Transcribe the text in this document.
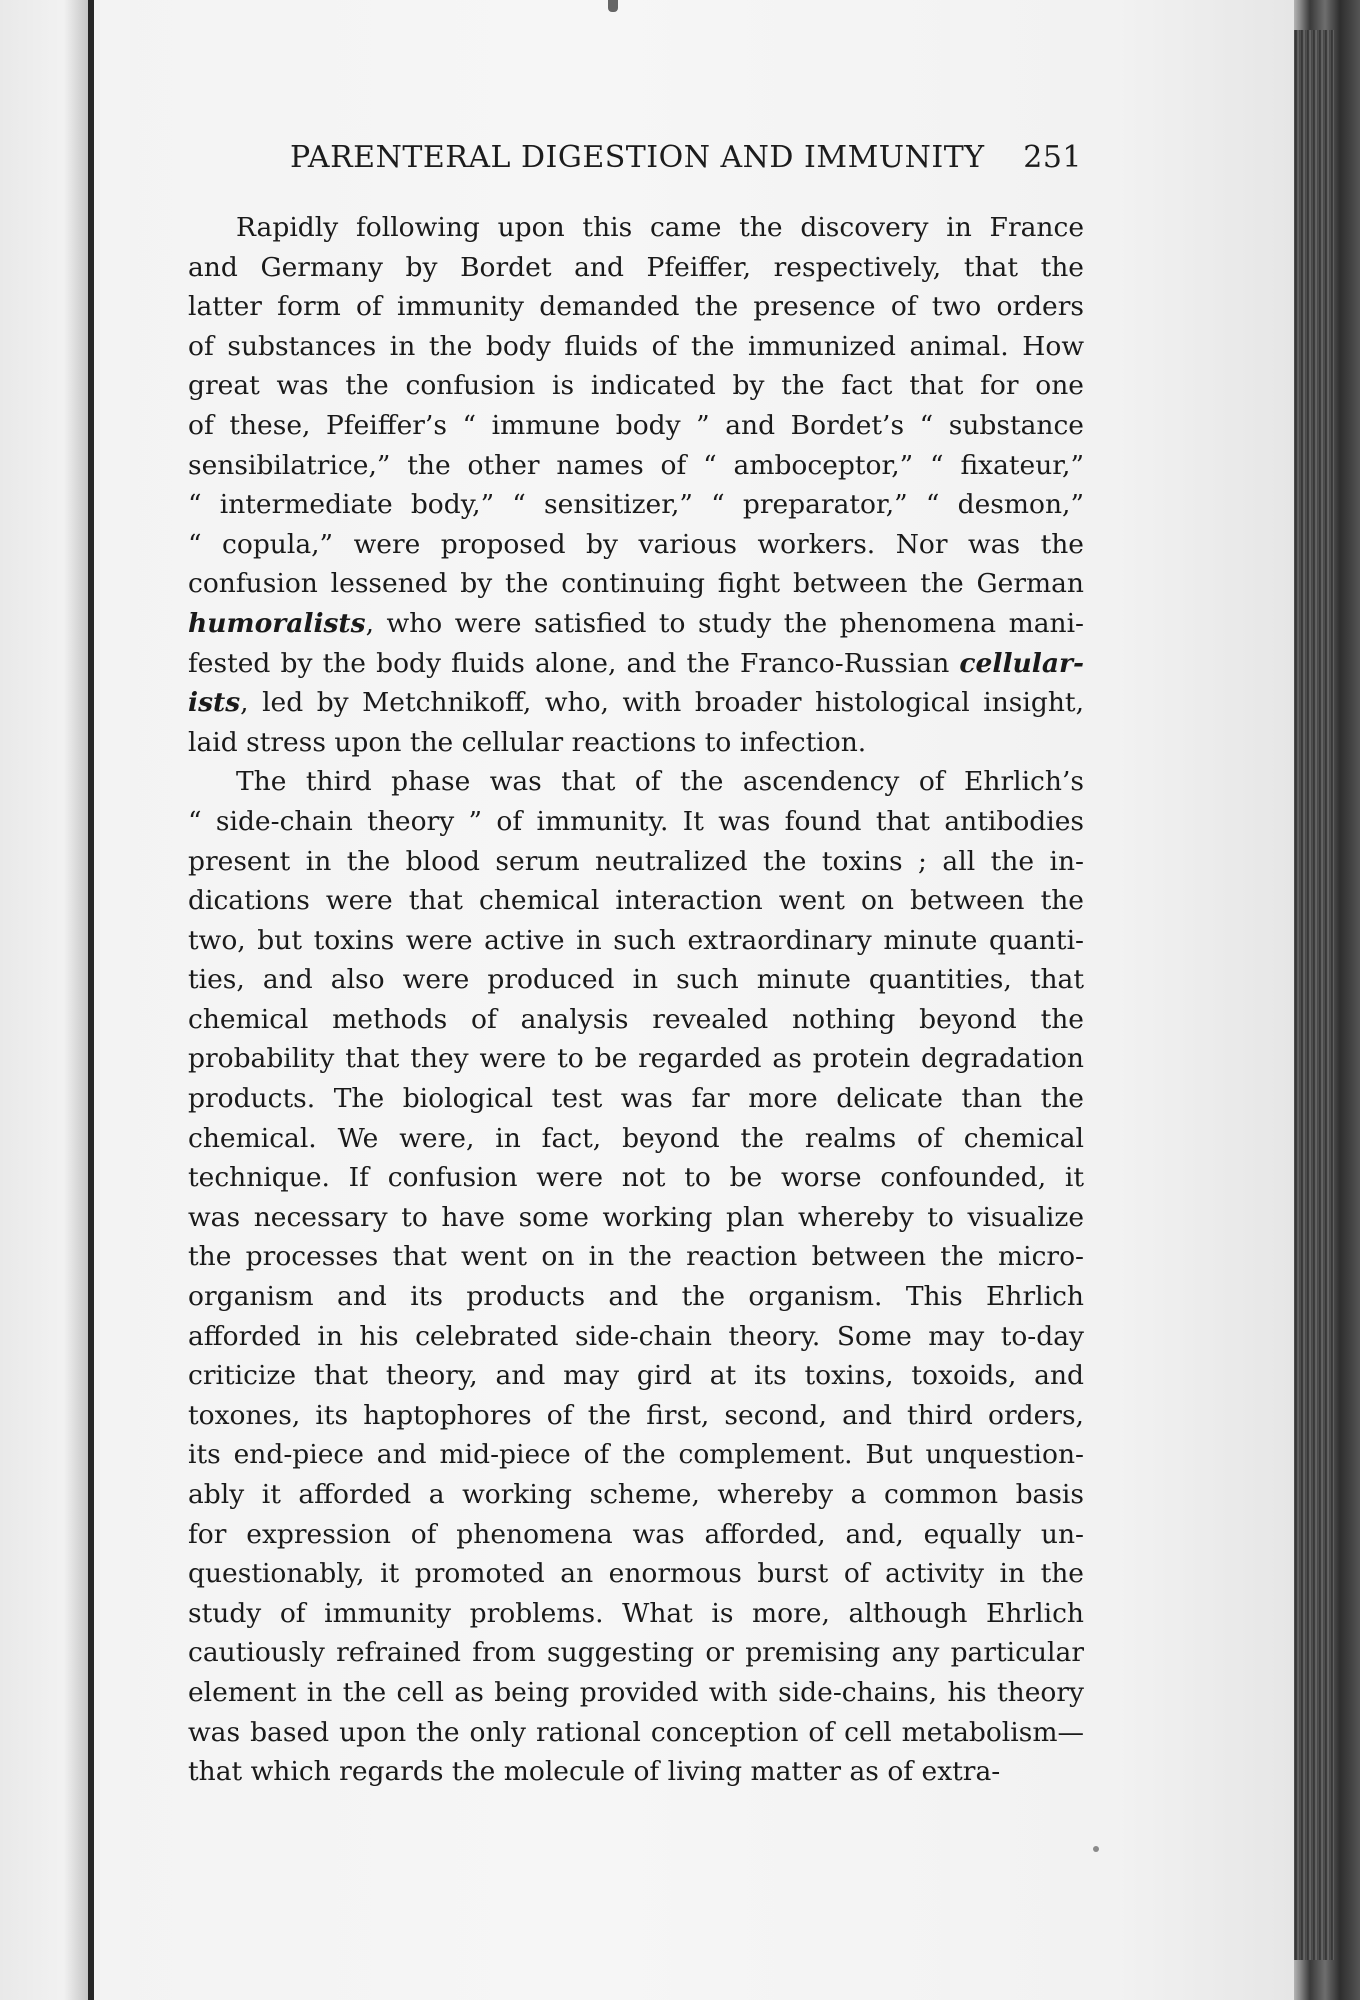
PARENTERAL DIGESTION AND IMMUNITY 251
Rapidly following upon this came the discovery in France
and Germany by Bordet and Pfeiffer, respectively, that the
latter form of immunity demanded the presence of two orders
of substances in the body fluids of the immunized animal. How
great was the confusion is indicated by the fact that for one
of these, Pfeiffer’s “ immune body ” and Bordet’s “ substance
sensibilatrice,” the other names of “ amboceptor,” “ fixateur,”
“ intermediate body,” “ sensitizer,” “ preparator,” “ desmon,”
“ copula,” were proposed by various workers. Nor was the
confusion lessened by the continuing fight between the German
humoralists, who were satisfied to study the phenomena mani-
fested by the body fluids alone, and the Franco-Russian cellular-
ists, led by Metchnikoff, who, with broader histological insight,
laid stress upon the cellular reactions to infection.
The third phase was that of the ascendency of Ehrlich’s
“ side-chain theory ” of immunity. It was found that antibodies
present in the blood serum neutralized the toxins ; all the in-
dications were that chemical interaction went on between the
two, but toxins were active in such extraordinary minute quanti-
ties, and also were produced in such minute quantities, that
chemical methods of analysis revealed nothing beyond the
probability that they were to be regarded as protein degradation
products. The biological test was far more delicate than the
chemical. We were, in fact, beyond the realms of chemical
technique. If confusion were not to be worse confounded, it
was necessary to have some working plan whereby to visualize
the processes that went on in the reaction between the micro-
organism and its products and the organism. This Ehrlich
afforded in his celebrated side-chain theory. Some may to-day
criticize that theory, and may gird at its toxins, toxoids, and
toxones, its haptophores of the first, second, and third orders,
its end-piece and mid-piece of the complement. But unquestion-
ably it afforded a working scheme, whereby a common basis
for expression of phenomena was afforded, and, equally un-
questionably, it promoted an enormous burst of activity in the
study of immunity problems. What is more, although Ehrlich
cautiously refrained from suggesting or premising any particular
element in the cell as being provided with side-chains, his theory
was based upon the only rational conception of cell metabolism—
that which regards the molecule of living matter as of extra-
